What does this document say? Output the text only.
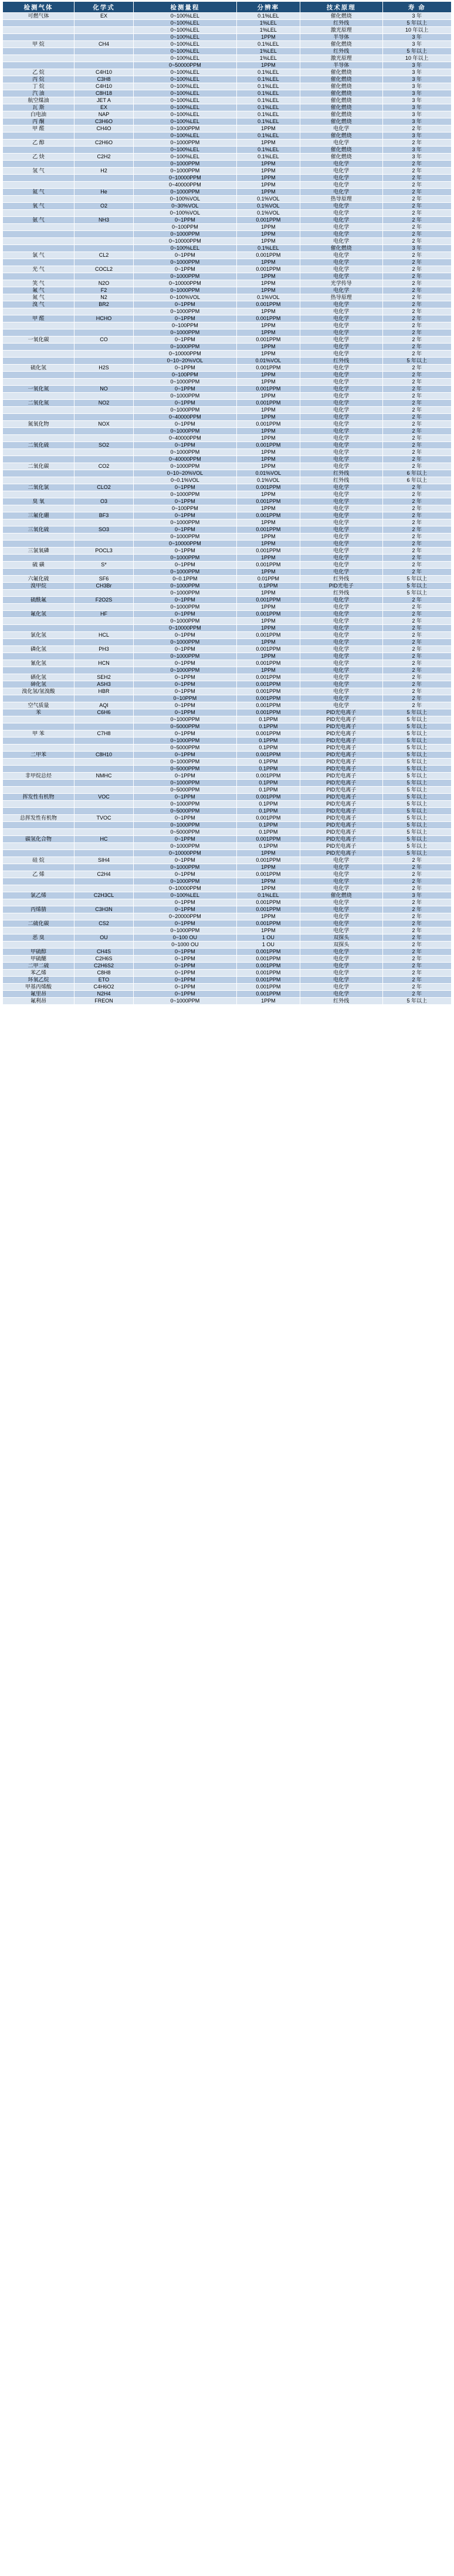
检测气体	化学式	检测量程	分辨率	技术原理	寿 命
可燃气体	EX	0~100%LEL	0.1%LEL	催化燃烧	3 年
		0~100%LEL	1%LEL	红外线	5 年以上
		0~100%LEL	1%LEL	激光原理	10 年以上
		0~100%LEL	1PPM	半导体	3 年
甲 烷	CH4	0~100%LEL	0.1%LEL	催化燃烧	3 年
		0~100%LEL	1%LEL	红外线	5 年以上
		0~100%LEL	1%LEL	激光原理	10 年以上
		0~50000PPM	1PPM	半导体	3 年
乙 烷	C4H10	0~100%LEL	0.1%LEL	催化燃烧	3 年
丙 烷	C3H8	0~100%LEL	0.1%LEL	催化燃烧	3 年
丁 烷	C4H10	0~100%LEL	0.1%LEL	催化燃烧	3 年
汽 油	C8H18	0~100%LEL	0.1%LEL	催化燃烧	3 年
航空煤油	JET A	0~100%LEL	0.1%LEL	催化燃烧	3 年
瓦 斯	EX	0~100%LEL	0.1%LEL	催化燃烧	3 年
白电油	NAP	0~100%LEL	0.1%LEL	催化燃烧	3 年
丙 酮	C3H6O	0~100%LEL	0.1%LEL	催化燃烧	3 年
甲 醛	CH4O	0~1000PPM	1PPM	电化学	2 年
		0~100%LEL	0.1%LEL	催化燃烧	3 年
乙 醇	C2H6O	0~1000PPM	1PPM	电化学	2 年
		0~100%LEL	0.1%LEL	催化燃烧	3 年
乙 炔	C2H2	0~100%LEL	0.1%LEL	催化燃烧	3 年
		0~1000PPM	1PPM	电化学	2 年
氢 气	H2	0~1000PPM	1PPM	电化学	2 年
		0~10000PPM	1PPM	电化学	2 年
		0~40000PPM	1PPM	电化学	2 年
氦 气	He	0~1000PPM	1PPM	电化学	2 年
		0~100%VOL	0.1%VOL	热导原理	2 年
氧 气	O2	0~30%VOL	0.1%VOL	电化学	2 年
		0~100%VOL	0.1%VOL	电化学	2 年
氨 气	NH3	0~1PPM	0.001PPM	电化学	2 年
		0~100PPM	1PPM	电化学	2 年
		0~1000PPM	1PPM	电化学	2 年
		0~10000PPM	1PPM	电化学	2 年
		0~100%LEL	0.1%LEL	催化燃烧	3 年
氯 气	CL2	0~1PPM	0.001PPM	电化学	2 年
		0~1000PPM	1PPM	电化学	2 年
光 气	COCL2	0~1PPM	0.001PPM	电化学	2 年
		0~1000PPM	1PPM	电化学	2 年
笑 气	N2O	0~10000PPM	1PPM	光学传导	2 年
氟 气	F2	0~1000PPM	1PPM	电化学	2 年
氮 气	N2	0~100%VOL	0.1%VOL	热导原理	2 年
溴 气	BR2	0~1PPM	0.001PPM	电化学	2 年
		0~1000PPM	1PPM	电化学	2 年
甲 醛	HCHO	0~1PPM	0.001PPM	电化学	2 年
		0~100PPM	1PPM	电化学	2 年
		0~1000PPM	1PPM	电化学	2 年
一氧化碳	CO	0~1PPM	0.001PPM	电化学	2 年
		0~1000PPM	1PPM	电化学	2 年
		0~10000PPM	1PPM	电化学	2 年
		0~10~20%VOL	0.01%VOL	红外线	5 年以上
硫化氢	H2S	0~1PPM	0.001PPM	电化学	2 年
		0~100PPM	1PPM	电化学	2 年
		0~1000PPM	1PPM	电化学	2 年
一氧化氮	NO	0~1PPM	0.001PPM	电化学	2 年
		0~1000PPM	1PPM	电化学	2 年
二氧化氮	NO2	0~1PPM	0.001PPM	电化学	2 年
		0~1000PPM	1PPM	电化学	2 年
		0~40000PPM	1PPM	电化学	2 年
氮氧化物	NOX	0~1PPM	0.001PPM	电化学	2 年
		0~1000PPM	1PPM	电化学	2 年
		0~40000PPM	1PPM	电化学	2 年
二氧化硫	SO2	0~1PPM	0.001PPM	电化学	2 年
		0~1000PPM	1PPM	电化学	2 年
		0~40000PPM	1PPM	电化学	2 年
二氧化碳	CO2	0~1000PPM	1PPM	电化学	2 年
		0~10~20%VOL	0.01%VOL	红外线	6 年以上
		0~0.1%VOL	0.1%VOL	红外线	6 年以上
二氧化氯	CLO2	0~1PPM	0.001PPM	电化学	2 年
		0~1000PPM	1PPM	电化学	2 年
臭 氧	O3	0~1PPM	0.001PPM	电化学	2 年
		0~100PPM	1PPM	电化学	2 年
三氟化硼	BF3	0~1PPM	0.001PPM	电化学	2 年
		0~1000PPM	1PPM	电化学	2 年
三氧化硫	SO3	0~1PPM	0.001PPM	电化学	2 年
		0~1000PPM	1PPM	电化学	2 年
		0~10000PPM	1PPM	电化学	2 年
三氯氧磷	POCL3	0~1PPM	0.001PPM	电化学	2 年
		0~1000PPM	1PPM	电化学	2 年
硫 磺	S*	0~1PPM	0.001PPM	电化学	2 年
		0~1000PPM	1PPM	电化学	2 年
六氟化硫	SF6	0~0.1PPM	0.01PPM	红外线	5 年以上
溴甲烷	CH3Br	0~1000PPM	0.1PPM	PID光电子	5 年以上
		0~1000PPM	1PPM	红外线	5 年以上
硫酰氟	F2O2S	0~1PPM	0.001PPM	电化学	2 年
		0~1000PPM	1PPM	电化学	2 年
氟化氢	HF	0~1PPM	0.001PPM	电化学	2 年
		0~1000PPM	1PPM	电化学	2 年
		0~10000PPM	1PPM	电化学	2 年
氯化氢	HCL	0~1PPM	0.001PPM	电化学	2 年
		0~1000PPM	1PPM	电化学	2 年
磷化氢	PH3	0~1PPM	0.001PPM	电化学	2 年
		0~1000PPM	1PPM	电化学	2 年
氰化氢	HCN	0~1PPM	0.001PPM	电化学	2 年
		0~1000PPM	1PPM	电化学	2 年
硒化氢	SEH2	0~1PPM	0.001PPM	电化学	2 年
砷化氢	ASH3	0~1PPM	0.001PPM	电化学	2 年
溴化氢/氢溴酸	HBR	0~1PPM	0.001PPM	电化学	2 年
		0~10PPM	0.001PPM	电化学	2 年
空气质量	AQI	0~1PPM	0.001PPM	电化学	2 年
苯	C6H6	0~1PPM	0.001PPM	PID光电离子	5 年以上
		0~1000PPM	0.1PPM	PID光电离子	5 年以上
		0~5000PPM	0.1PPM	PID光电离子	5 年以上
甲 苯	C7H8	0~1PPM	0.001PPM	PID光电离子	5 年以上
		0~1000PPM	0.1PPM	PID光电离子	5 年以上
		0~5000PPM	0.1PPM	PID光电离子	5 年以上
二甲苯	C8H10	0~1PPM	0.001PPM	PID光电离子	5 年以上
		0~1000PPM	0.1PPM	PID光电离子	5 年以上
		0~5000PPM	0.1PPM	PID光电离子	5 年以上
非甲烷总烃	NMHC	0~1PPM	0.001PPM	PID光电离子	5 年以上
		0~1000PPM	0.1PPM	PID光电离子	5 年以上
		0~5000PPM	0.1PPM	PID光电离子	5 年以上
挥发性有机物	VOC	0~1PPM	0.001PPM	PID光电离子	5 年以上
		0~1000PPM	0.1PPM	PID光电离子	5 年以上
		0~5000PPM	0.1PPM	PID光电离子	5 年以上
总挥发性有机物	TVOC	0~1PPM	0.001PPM	PID光电离子	5 年以上
		0~1000PPM	0.1PPM	PID光电离子	5 年以上
		0~5000PPM	0.1PPM	PID光电离子	5 年以上
碳氢化合物	HC	0~1PPM	0.001PPM	PID光电离子	5 年以上
		0~1000PPM	0.1PPM	PID光电离子	5 年以上
		0~10000PPM	1PPM	PID光电离子	5 年以上
硅 烷	SIH4	0~1PPM	0.001PPM	电化学	2 年
		0~1000PPM	1PPM	电化学	2 年
乙 烯	C2H4	0~1PPM	0.001PPM	电化学	2 年
		0~1000PPM	1PPM	电化学	2 年
		0~10000PPM	1PPM	电化学	2 年
氯乙烯	C2H3CL	0~100%LEL	0.1%LEL	催化燃烧	3 年
		0~1PPM	0.001PPM	电化学	2 年
丙烯腈	C3H3N	0~1PPM	0.001PPM	电化学	2 年
		0~20000PPM	1PPM	电化学	2 年
二硫化碳	CS2	0~1PPM	0.001PPM	电化学	2 年
		0~1000PPM	1PPM	电化学	2 年
恶 臭	OU	0~100 OU	1 OU	双探头	2 年
		0~1000 OU	1 OU	双探头	2 年
甲硫醇	CH4S	0~1PPM	0.001PPM	电化学	2 年
甲硫醚	C2H6S	0~1PPM	0.001PPM	电化学	2 年
二甲二硫	C2H6S2	0~1PPM	0.001PPM	电化学	2 年
苯乙烯	C8H8	0~1PPM	0.001PPM	电化学	2 年
环氧乙烷	ETO	0~1PPM	0.001PPM	电化学	2 年
甲基丙烯酸	C4H6O2	0~1PPM	0.001PPM	电化学	2 年
氟里昂	N2H4	0~1PPM	0.001PPM	电化学	2 年
氟利昂	FREON	0~1000PPM	1PPM	红外线	5 年以上
